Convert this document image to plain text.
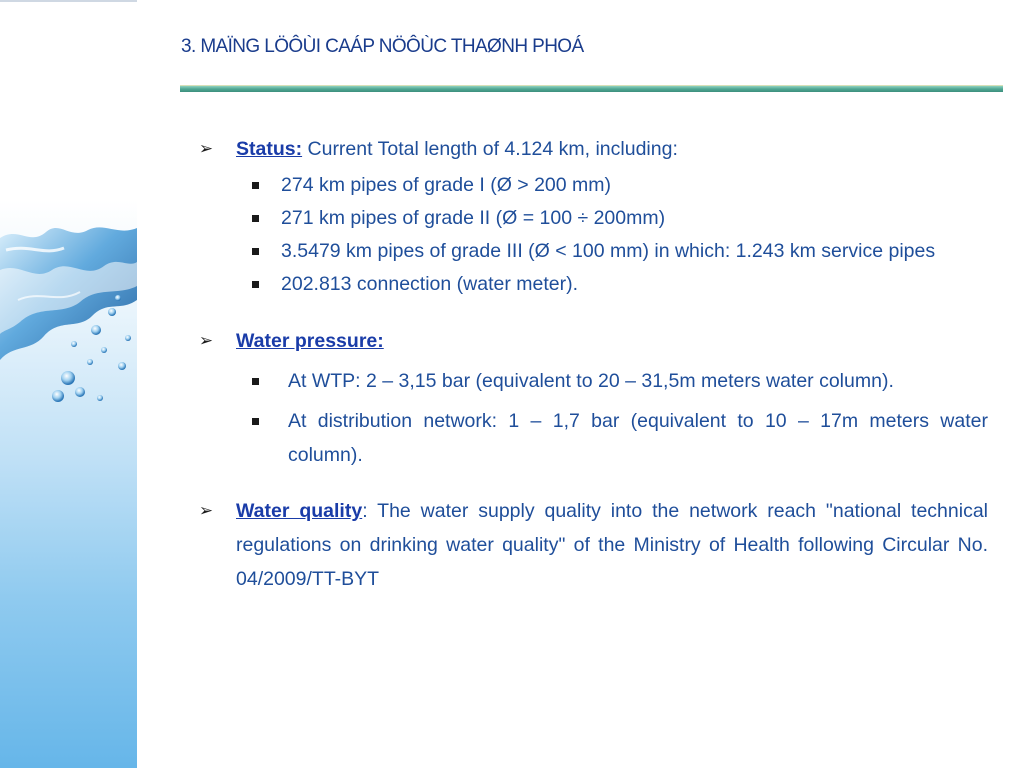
3. MAÏNG LÖÔÙI CAÁP NÖÔÙC THAØNH PHOÁ
➢ Status: Current Total length of 4.124 km, including:
274 km pipes of grade I (Ø > 200 mm)
271 km pipes of grade II (Ø = 100 ÷ 200mm)
3.5479 km pipes of grade III (Ø < 100 mm) in which: 1.243 km service pipes
202.813 connection (water meter).
➢ Water pressure:
At WTP: 2 – 3,15 bar (equivalent to 20 – 31,5m meters water column).
At distribution network: 1 – 1,7 bar (equivalent to 10 – 17m meters water column).
➢ Water quality: The water supply quality into the network reach "national technical regulations on drinking water quality" of the Ministry of Health following Circular No. 04/2009/TT-BYT
